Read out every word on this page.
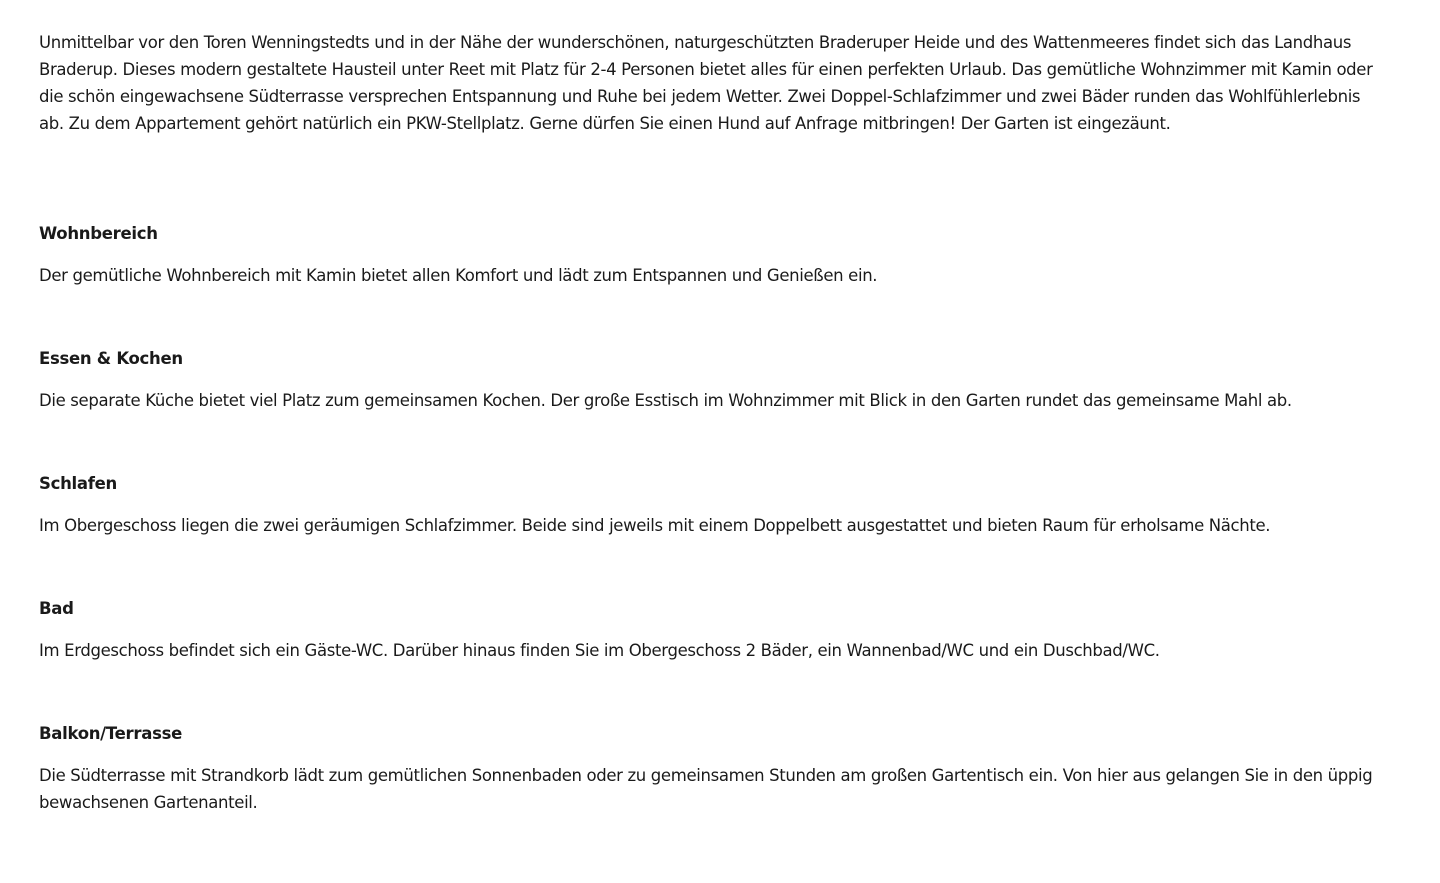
Unmittelbar vor den Toren Wenningstedts und in der Nähe der wunderschönen, naturgeschützten Braderuper Heide und des Wattenmeeres findet sich das Landhaus Braderup. Dieses modern gestaltete Hausteil unter Reet mit Platz für 2-4 Personen bietet alles für einen perfekten Urlaub. Das gemütliche Wohnzimmer mit Kamin oder die schön eingewachsene Südterrasse versprechen Entspannung und Ruhe bei jedem Wetter. Zwei Doppel-Schlafzimmer und zwei Bäder runden das Wohlfühlerlebnis ab. Zu dem Appartement gehört natürlich ein PKW-Stellplatz. Gerne dürfen Sie einen Hund auf Anfrage mitbringen! Der Garten ist eingezäunt.

Wohnbereich

Der gemütliche Wohnbereich mit Kamin bietet allen Komfort und lädt zum Entspannen und Genießen ein.

Essen & Kochen

Die separate Küche bietet viel Platz zum gemeinsamen Kochen. Der große Esstisch im Wohnzimmer mit Blick in den Garten rundet das gemeinsame Mahl ab.

Schlafen

Im Obergeschoss liegen die zwei geräumigen Schlafzimmer. Beide sind jeweils mit einem Doppelbett ausgestattet und bieten Raum für erholsame Nächte.

Bad

Im Erdgeschoss befindet sich ein Gäste-WC. Darüber hinaus finden Sie im Obergeschoss 2 Bäder, ein Wannenbad/WC und ein Duschbad/WC.

Balkon/Terrasse

Die Südterrasse mit Strandkorb lädt zum gemütlichen Sonnenbaden oder zu gemeinsamen Stunden am großen Gartentisch ein. Von hier aus gelangen Sie in den üppig bewachsenen Gartenanteil.
